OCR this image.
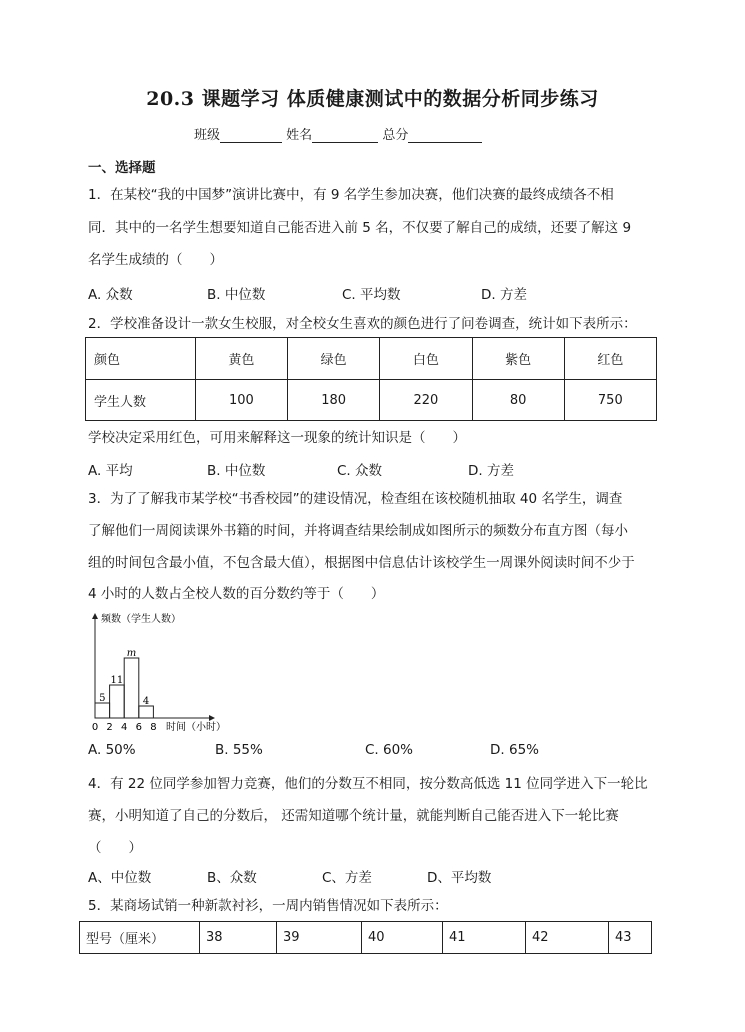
20.3 课题学习 体质健康测试中的数据分析同步练习
班级	姓名	总分
一、选择题
1．在某校“我的中国梦”演讲比赛中，有 9 名学生参加决赛，他们决赛的最终成绩各不相
同．其中的一名学生想要知道自己能否进入前 5 名，不仅要了解自己的成绩，还要了解这 9
名学生成绩的（　　）
A. 众数	B. 中位数	C. 平均数	D. 方差
2．学校准备设计一款女生校服，对全校女生喜欢的颜色进行了问卷调查，统计如下表所示：
颜色	黄色	绿色	白色	紫色	红色
学生人数	100	180	220	80	750
学校决定采用红色，可用来解释这一现象的统计知识是（　　）
A. 平均	B. 中位数	C. 众数	D. 方差
3．为了了解我市某学校“书香校园”的建设情况，检查组在该校随机抽取 40 名学生，调查
了解他们一周阅读课外书籍的时间，并将调查结果绘制成如图所示的频数分布直方图（每小
组的时间包含最小值，不包含最大值），根据图中信息估计该校学生一周课外阅读时间不少于
4 小时的人数占全校人数的百分数约等于（　　）
频数（学生人数）
时间（小时）
5
11
m
4
0 2 4 6 8
A. 50%	B. 55%	C. 60%	D. 65%
4．有 22 位同学参加智力竞赛，他们的分数互不相同，按分数高低选 11 位同学进入下一轮比
赛，小明知道了自己的分数后， 还需知道哪个统计量，就能判断自己能否进入下一轮比赛
（　　）
A、中位数	B、众数	C、方差	D、平均数
5．某商场试销一种新款衬衫，一周内销售情况如下表所示：
型号（厘米）	38	39	40	41	42	43
